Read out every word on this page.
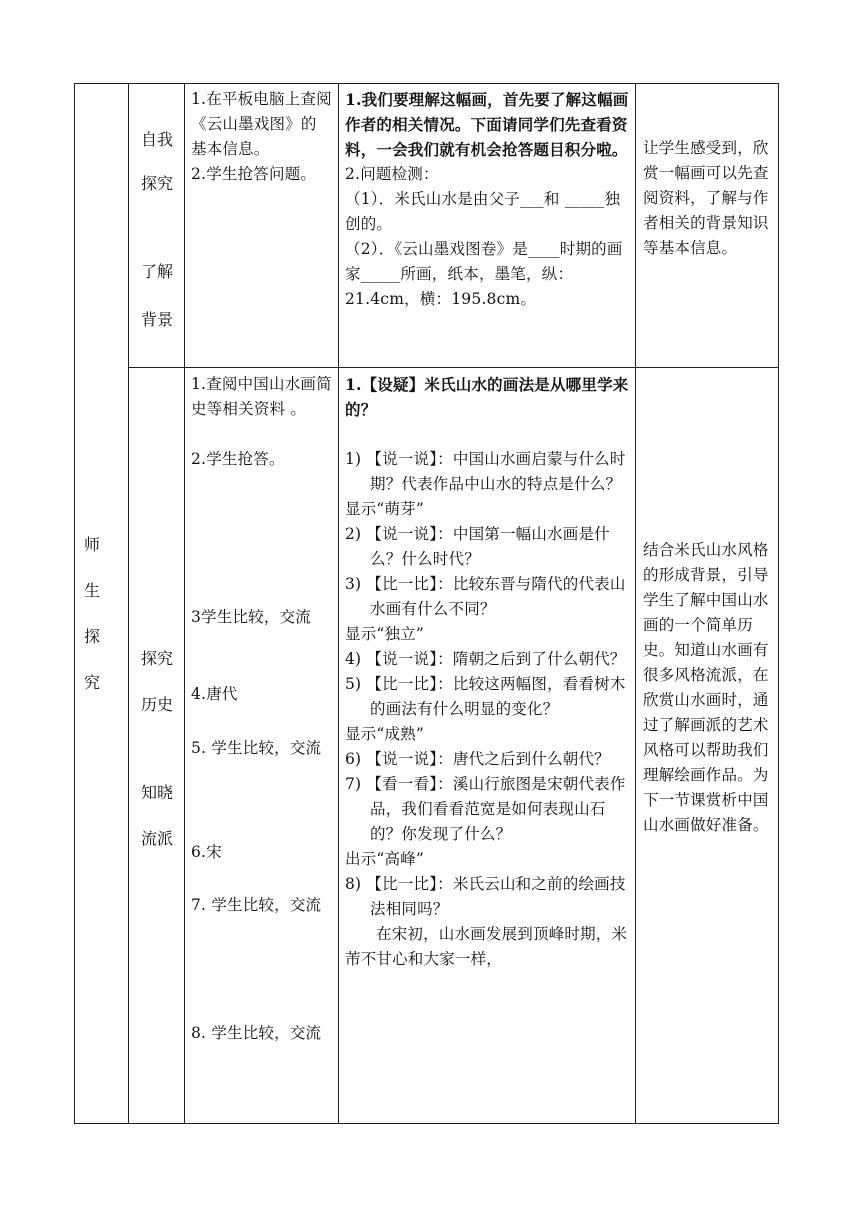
师生探究
自我
探究
了解
背景

1.在平板电脑上查阅《云山墨戏图》的基本信息。

2.学生抢答问题。

1.我们要理解这幅画，首先要了解这幅画作者的相关情况。下面请同学们先查看资料，一会我们就有机会抢答题目积分啦。

2.问题检测：

（1）．米氏山水是由父子___和 _____独创的。

（2）．《云山墨戏图卷》是____时期的画家_____所画，纸本，墨笔，纵：21.4cm，横：195.8cm。

让学生感受到，欣赏一幅画可以先查阅资料，了解与作者相关的背景知识等基本信息。

探究
历史
知晓
流派
1.查阅中国山水画简史等相关资料 。
2.学生抢答。
3学生比较，交流
4.唐代
5. 学生比较，交流
6.宋
7. 学生比较，交流
8. 学生比较，交流

1.【设疑】米氏山水的画法是从哪里学来的？

1) 【说一说】：中国山水画启蒙与什么时期？代表作品中山水的特点是什么？

显示“萌芽”

2) 【说一说】：中国第一幅山水画是什么？什么时代？

3) 【比一比】：比较东晋与隋代的代表山水画有什么不同？

显示“独立”

4) 【说一说】：隋朝之后到了什么朝代？

5) 【比一比】：比较这两幅图，看看树木的画法有什么明显的变化？

显示“成熟”

6) 【说一说】：唐代之后到什么朝代？

7) 【看一看】：溪山行旅图是宋朝代表作品，我们看看范宽是如何表现山石的？你发现了什么？

出示“高峰”

8) 【比一比】：米氏云山和之前的绘画技法相同吗？

在宋初，山水画发展到顶峰时期，米芾不甘心和大家一样，

结合米氏山水风格的形成背景，引导学生了解中国山水画的一个简单历史。知道山水画有很多风格流派，在欣赏山水画时，通过了解画派的艺术风格可以帮助我们理解绘画作品。为下一节课赏析中国山水画做好准备。
